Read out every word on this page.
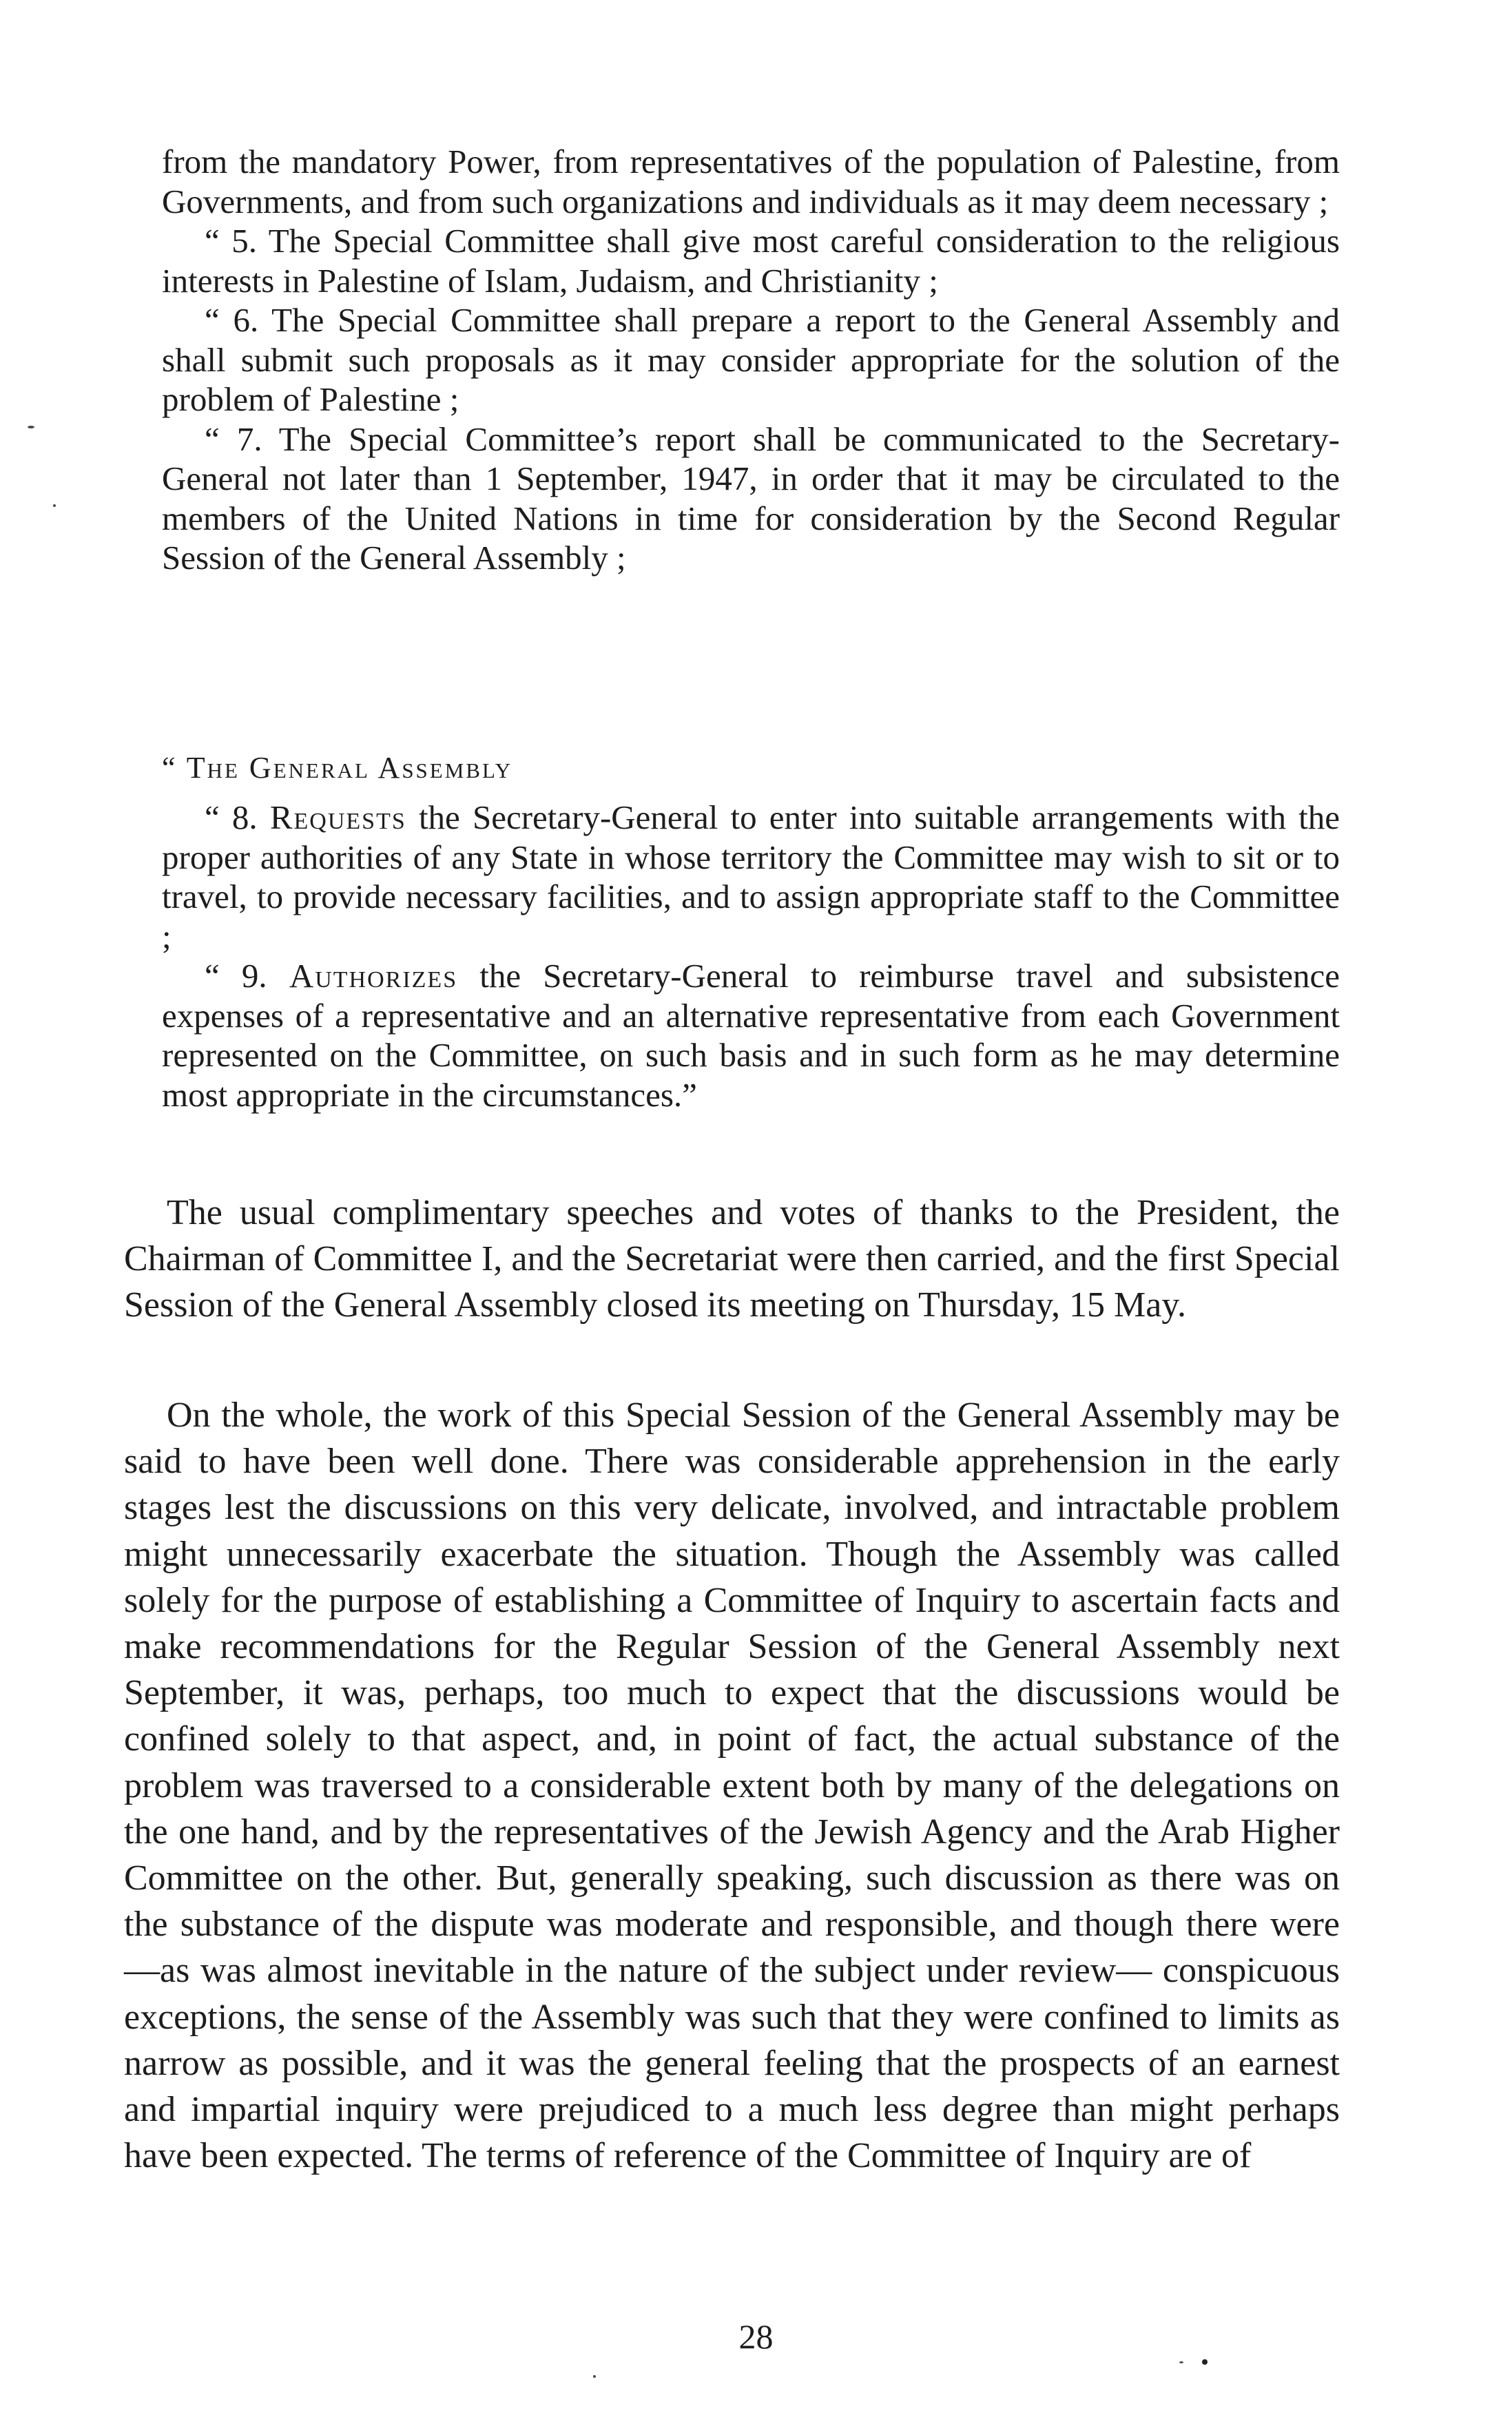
from the mandatory Power, from representatives of the population of Palestine, from Governments, and from such organizations and individuals as it may deem necessary ;

“ 5. The Special Committee shall give most careful consideration to the religious interests in Palestine of Islam, Judaism, and Christianity ;

“ 6. The Special Committee shall prepare a report to the General Assembly and shall submit such proposals as it may consider appropriate for the solution of the problem of Palestine ;

“ 7. The Special Committee’s report shall be communicated to the Secretary-General not later than 1 September, 1947, in order that it may be circulated to the members of the United Nations in time for consideration by the Second Regular Session of the General Assembly ;

“ The General Assembly

“ 8. Requests the Secretary-General to enter into suitable arrangements with the proper authorities of any State in whose territory the Committee may wish to sit or to travel, to provide necessary facilities, and to assign appropriate staff to the Committee ;

“ 9. Authorizes the Secretary-General to reimburse travel and subsistence expenses of a representative and an alternative representative from each Government represented on the Committee, on such basis and in such form as he may determine most appropriate in the circumstances.”

The usual complimentary speeches and votes of thanks to the President, the Chairman of Committee I, and the Secretariat were then carried, and the first Special Session of the General Assembly closed its meeting on Thursday, 15 May.

On the whole, the work of this Special Session of the General Assembly may be said to have been well done. There was considerable apprehension in the early stages lest the discussions on this very delicate, involved, and intractable problem might unnecessarily exacerbate the situation. Though the Assembly was called solely for the purpose of establishing a Committee of Inquiry to ascertain facts and make recommendations for the Regular Session of the General Assembly next September, it was, perhaps, too much to expect that the discussions would be confined solely to that aspect, and, in point of fact, the actual substance of the problem was traversed to a considerable extent both by many of the delegations on the one hand, and by the representatives of the Jewish Agency and the Arab Higher Committee on the other. But, generally speaking, such discussion as there was on the substance of the dispute was moderate and responsible, and though there were —as was almost inevitable in the nature of the subject under review— conspicuous exceptions, the sense of the Assembly was such that they were confined to limits as narrow as possible, and it was the general feeling that the prospects of an earnest and impartial inquiry were prejudiced to a much less degree than might perhaps have been expected. The terms of reference of the Committee of Inquiry are of

28
